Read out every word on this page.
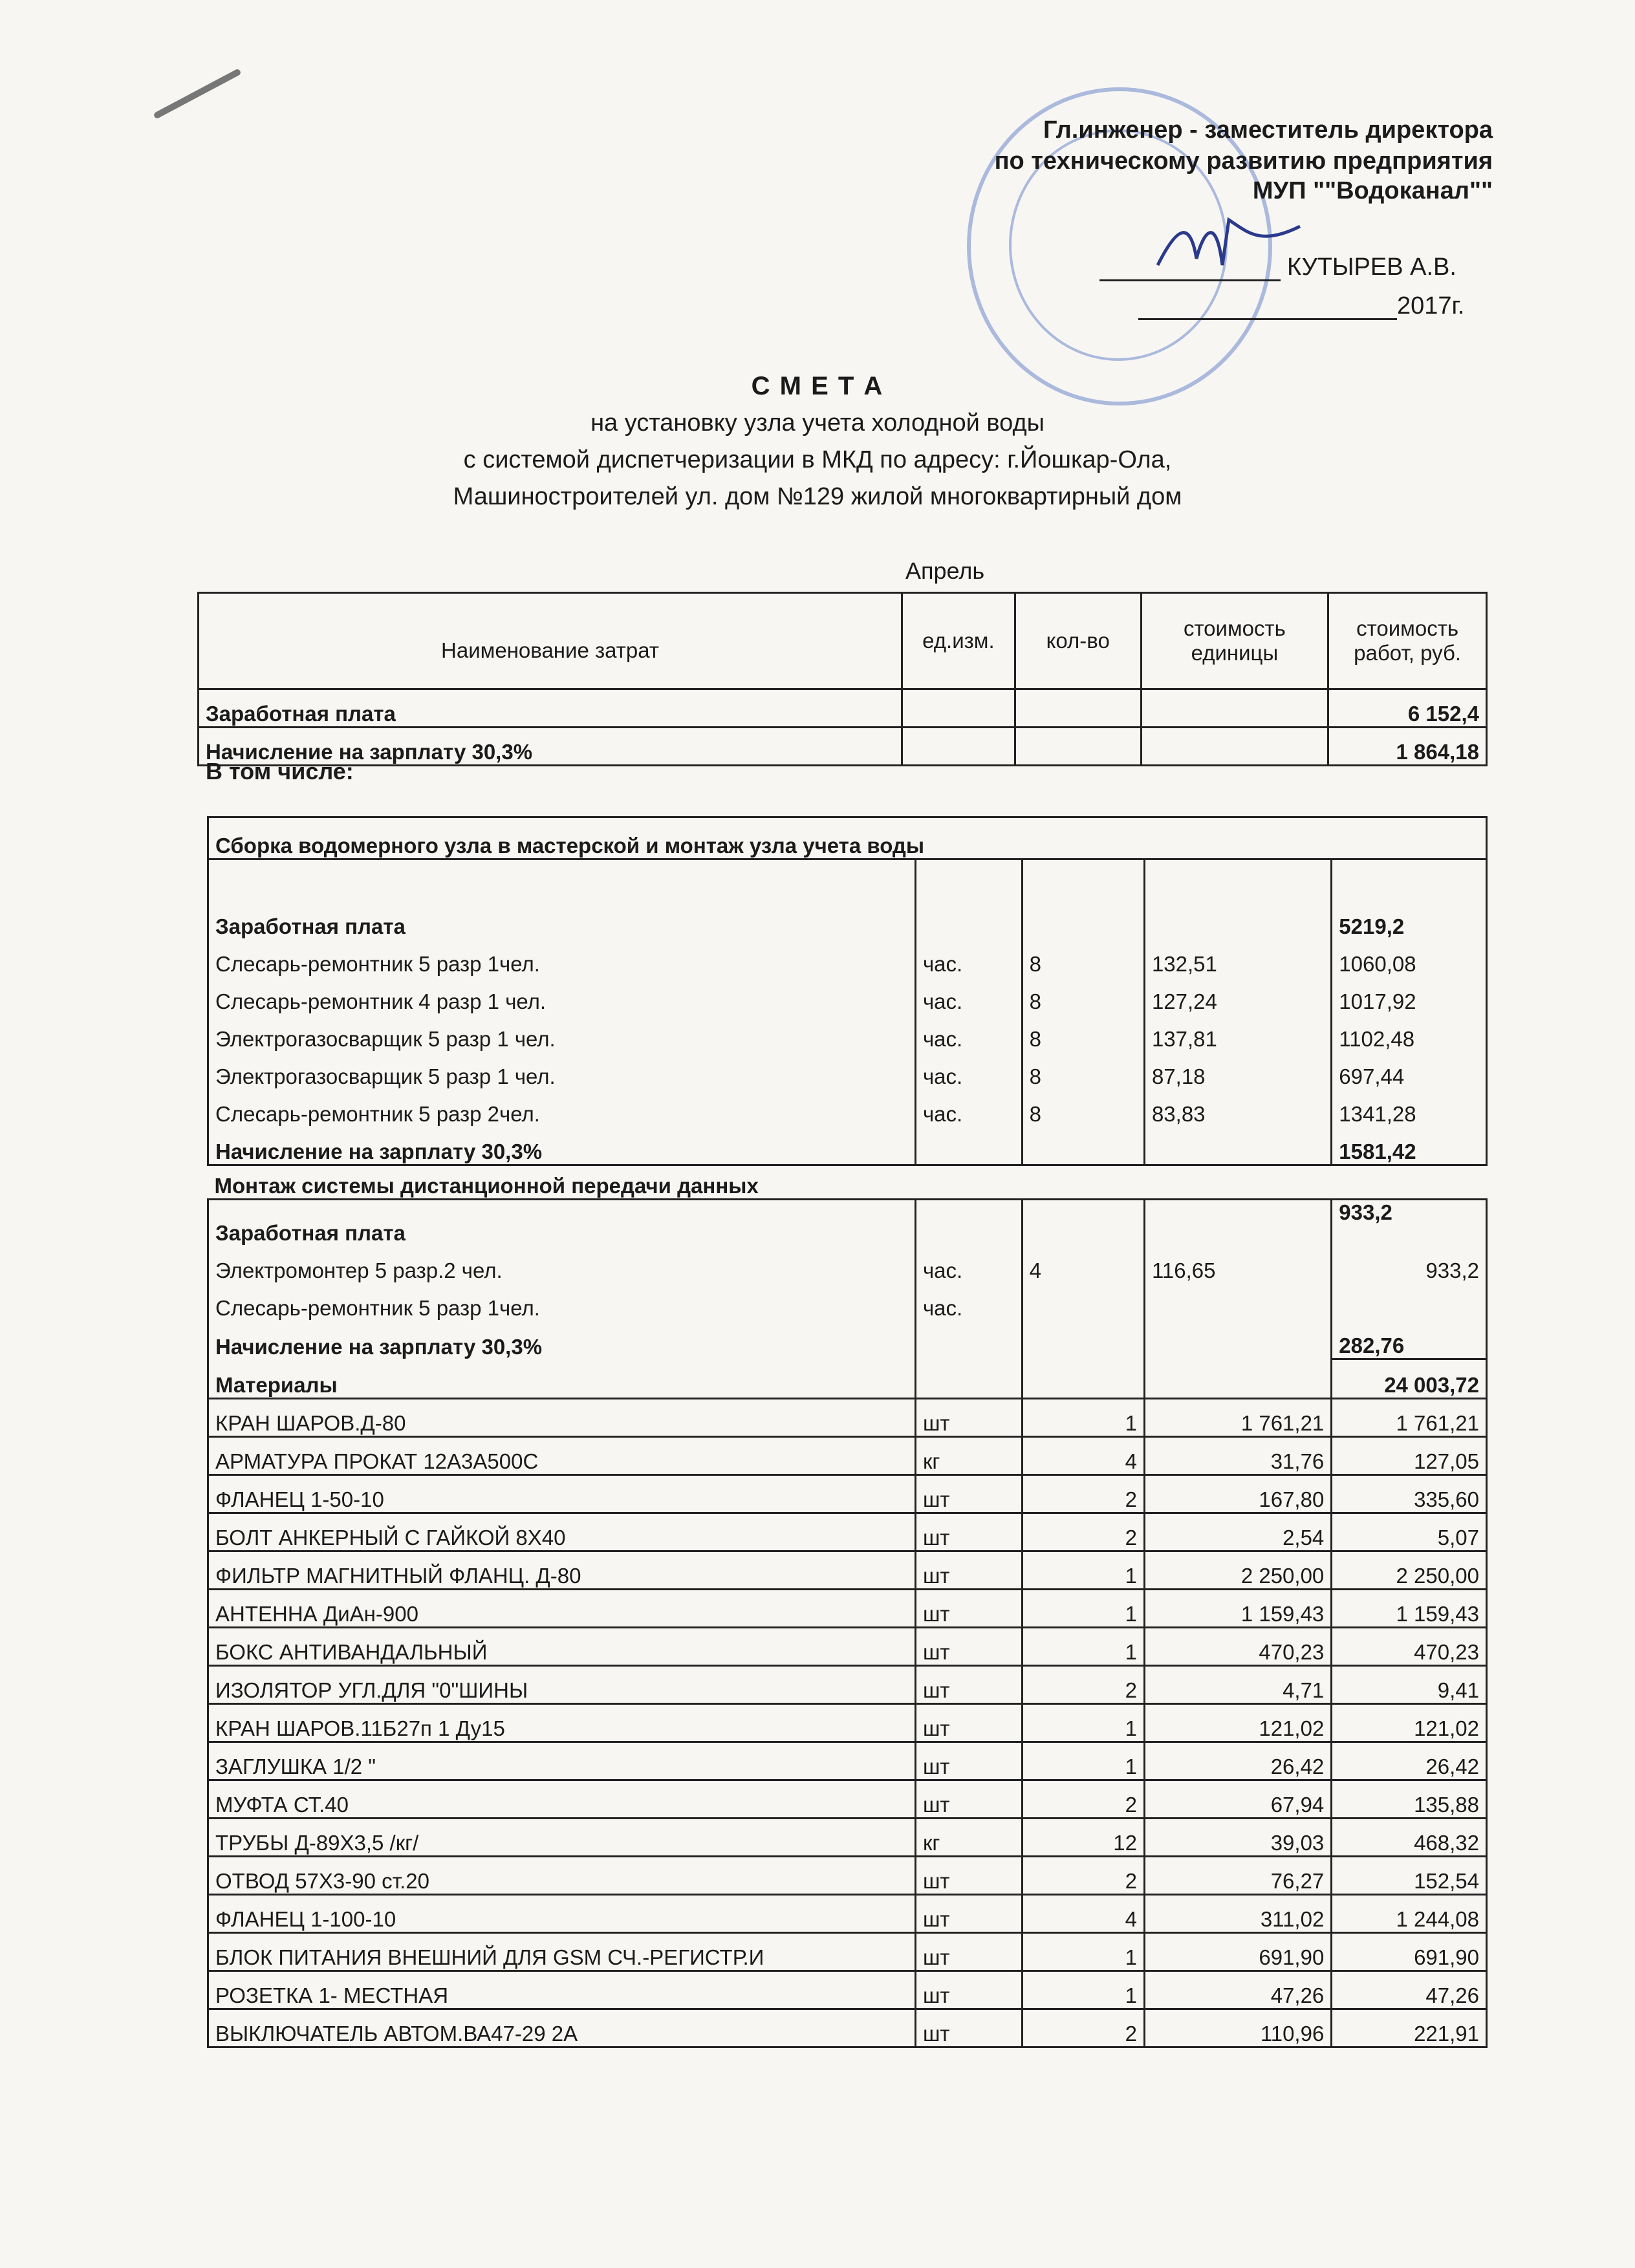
Гл.инженер - заместитель директора
по техническому развитию предприятия
МУП ""Водоканал""
КУТЫРЕВ А.В.
2017г.
С М Е Т А
на установку узла учета холодной воды
с системой диспетчеризации в МКД по адресу: г.Йошкар-Ола,
Машиностроителей ул. дом №129 жилой многоквартирный дом
Апрель
Наименование затрат	ед.изм.	кол-во	стоимость единицы	стоимость работ, руб.
Заработная плата				6 152,4
Начисление на зарплату 30,3%				1 864,18
В том числе:
Сборка водомерного узла в мастерской и монтаж узла учета воды				
Заработная плата				5219,2
Слесарь-ремонтник 5 разр 1чел.	час.	8	132,51	1060,08
Слесарь-ремонтник 4 разр 1 чел.	час.	8	127,24	1017,92
Электрогазосварщик 5 разр 1 чел.	час.	8	137,81	1102,48
Электрогазосварщик 5 разр 1 чел.	час.	8	87,18	697,44
Слесарь-ремонтник 5 разр 2чел.	час.	8	83,83	1341,28
Начисление на зарплату 30,3%				1581,42
Монтаж системы дистанционной передачи данных				
Заработная плата				933,2
Электромонтер 5 разр.2 чел.	час.	4	116,65	933,2
Слесарь-ремонтник 5 разр 1чел.	час.			
Начисление на зарплату 30,3%				282,76
Материалы				24 003,72
КРАН ШАРОВ.Д-80	шт	1	1 761,21	1 761,21
АРМАТУРА ПРОКАТ 12А3А500С	кг	4	31,76	127,05
ФЛАНЕЦ 1-50-10	шт	2	167,80	335,60
БОЛТ АНКЕРНЫЙ С ГАЙКОЙ 8Х40	шт	2	2,54	5,07
ФИЛЬТР МАГНИТНЫЙ ФЛАНЦ. Д-80	шт	1	2 250,00	2 250,00
АНТЕННА ДиАн-900	шт	1	1 159,43	1 159,43
БОКС АНТИВАНДАЛЬНЫЙ	шт	1	470,23	470,23
ИЗОЛЯТОР УГЛ.ДЛЯ "0"ШИНЫ	шт	2	4,71	9,41
КРАН ШАРОВ.11Б27п 1 Ду15	шт	1	121,02	121,02
ЗАГЛУШКА 1/2 "	шт	1	26,42	26,42
МУФТА СТ.40	шт	2	67,94	135,88
ТРУБЫ Д-89Х3,5 /кг/	кг	12	39,03	468,32
ОТВОД 57Х3-90 ст.20	шт	2	76,27	152,54
ФЛАНЕЦ 1-100-10	шт	4	311,02	1 244,08
БЛОК ПИТАНИЯ ВНЕШНИЙ ДЛЯ GSM СЧ.-РЕГИСТР.И	шт	1	691,90	691,90
РОЗЕТКА 1- МЕСТНАЯ	шт	1	47,26	47,26
ВЫКЛЮЧАТЕЛЬ АВТОМ.ВА47-29 2А	шт	2	110,96	221,91
